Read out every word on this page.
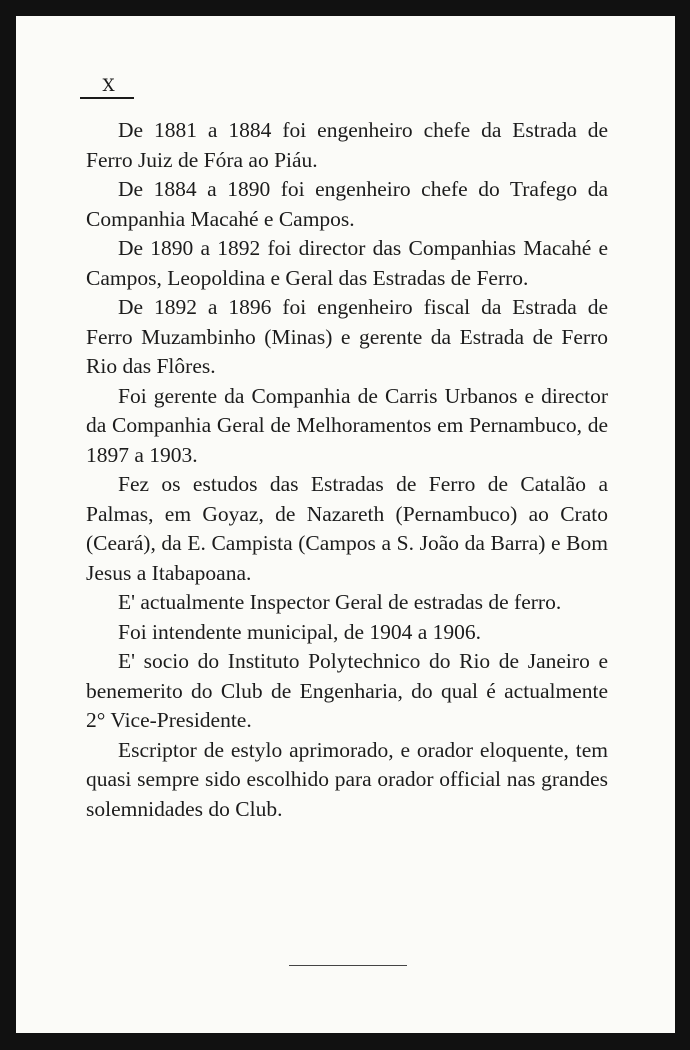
X

De 1881 a 1884 foi engenheiro chefe da Estrada de Ferro Juiz de Fóra ao Piáu.

De 1884 a 1890 foi engenheiro chefe do Trafego da Companhia Macahé e Campos.

De 1890 a 1892 foi director das Companhias Macahé e Campos, Leopoldina e Geral das Estradas de Ferro.

De 1892 a 1896 foi engenheiro fiscal da Estrada de Ferro Muzambinho (Minas) e gerente da Estrada de Ferro Rio das Flôres.

Foi gerente da Companhia de Carris Urbanos e director da Companhia Geral de Melhoramentos em Pernambuco, de 1897 a 1903.

Fez os estudos das Estradas de Ferro de Catalão a Palmas, em Goyaz, de Nazareth (Pernambuco) ao Crato (Ceará), da E. Campista (Campos a S. João da Barra) e Bom Jesus a Itabapoana.

E' actualmente Inspector Geral de estradas de ferro.

Foi intendente municipal, de 1904 a 1906.

E' socio do Instituto Polytechnico do Rio de Janeiro e benemerito do Club de Engenharia, do qual é actualmente 2° Vice-Presidente.

Escriptor de estylo aprimorado, e orador eloquente, tem quasi sempre sido escolhido para orador official nas grandes solemnidades do Club.
